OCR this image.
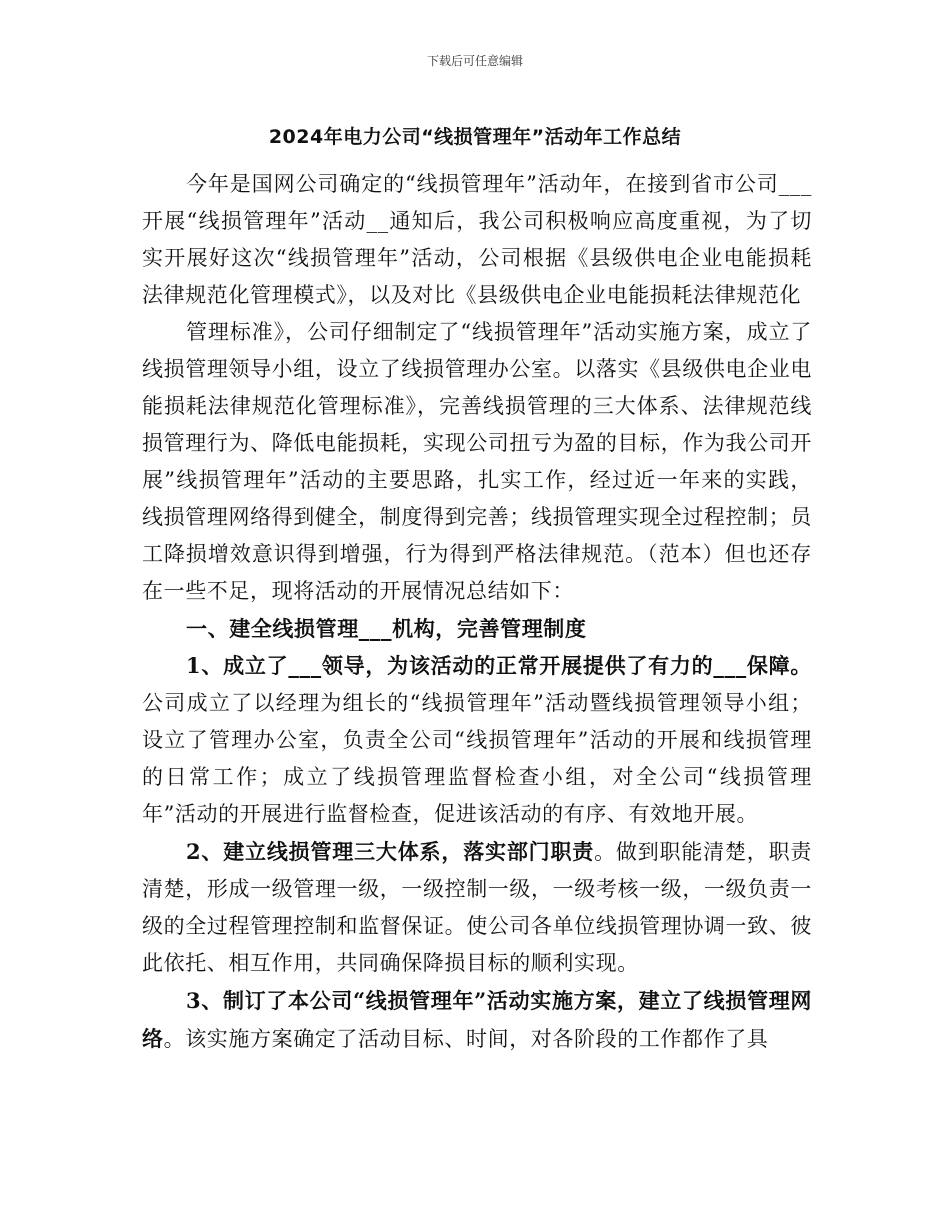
下载后可任意编辑
2024年电力公司“线损管理年”活动年工作总结

今年是国网公司确定的“线损管理年”活动年，在接到省市公司___开展“线损管理年”活动__通知后，我公司积极响应高度重视，为了切实开展好这次“线损管理年”活动，公司根据《县级供电企业电能损耗法律规范化管理模式》，以及对比《县级供电企业电能损耗法律规范化

管理标准》，公司仔细制定了“线损管理年”活动实施方案，成立了线损管理领导小组，设立了线损管理办公室。以落实《县级供电企业电能损耗法律规范化管理标准》，完善线损管理的三大体系、法律规范线损管理行为、降低电能损耗，实现公司扭亏为盈的目标，作为我公司开展”线损管理年”活动的主要思路，扎实工作，经过近一年来的实践，线损管理网络得到健全，制度得到完善；线损管理实现全过程控制；员工降损增效意识得到增强，行为得到严格法律规范。（范本）但也还存在一些不足，现将活动的开展情况总结如下：

一、建全线损管理___机构，完善管理制度

1、成立了___领导，为该活动的正常开展提供了有力的___保障。公司成立了以经理为组长的“线损管理年”活动暨线损管理领导小组；设立了管理办公室，负责全公司“线损管理年”活动的开展和线损管理的日常工作；成立了线损管理监督检查小组，对全公司“线损管理年”活动的开展进行监督检查，促进该活动的有序、有效地开展。

2、建立线损管理三大体系，落实部门职责。做到职能清楚，职责清楚，形成一级管理一级，一级控制一级，一级考核一级，一级负责一级的全过程管理控制和监督保证。使公司各单位线损管理协调一致、彼此依托、相互作用，共同确保降损目标的顺利实现。

3、制订了本公司“线损管理年”活动实施方案，建立了线损管理网络。该实施方案确定了活动目标、时间，对各阶段的工作都作了具
